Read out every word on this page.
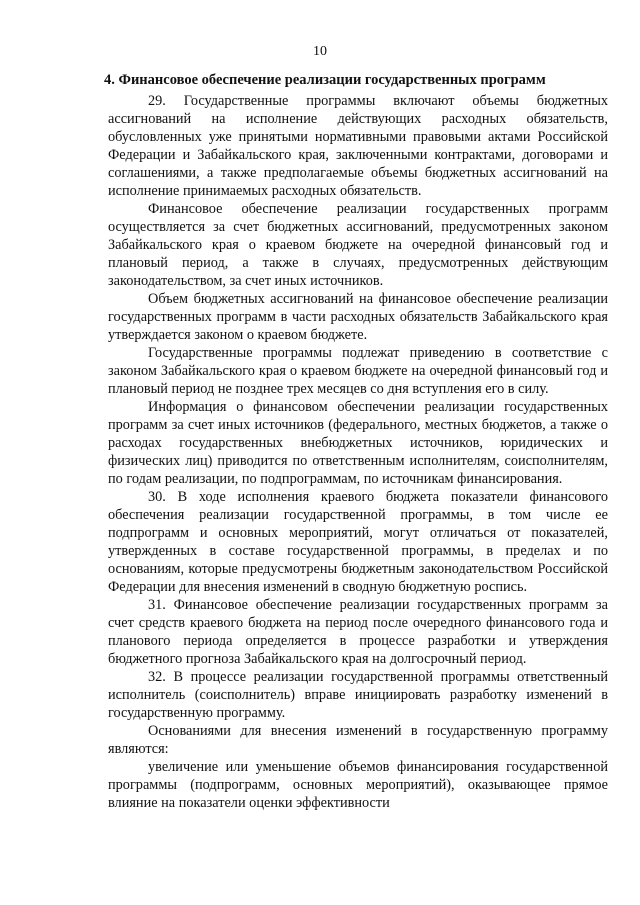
10
4. Финансовое обеспечение реализации государственных программ

29. Государственные программы включают объемы бюджетных ассигнований на исполнение действующих расходных обязательств, обусловленных уже принятыми нормативными правовыми актами Российской Федерации и Забайкальского края, заключенными контрактами, договорами и соглашениями, а также предполагаемые объемы бюджетных ассигнований на исполнение принимаемых расходных обязательств.

Финансовое обеспечение реализации государственных программ осуществляется за счет бюджетных ассигнований, предусмотренных законом Забайкальского края о краевом бюджете на очередной финансовый год и плановый период, а также в случаях, предусмотренных действующим законодательством, за счет иных источников.

Объем бюджетных ассигнований на финансовое обеспечение реализации государственных программ в части расходных обязательств Забайкальского края утверждается законом о краевом бюджете.

Государственные программы подлежат приведению в соответствие с законом Забайкальского края о краевом бюджете на очередной финансовый год и плановый период не позднее трех месяцев со дня вступления его в силу.

Информация о финансовом обеспечении реализации государственных программ за счет иных источников (федерального, местных бюджетов, а также о расходах государственных внебюджетных источников, юридических и физических лиц) приводится по ответственным исполнителям, соисполнителям, по годам реализации, по подпрограммам, по источникам финансирования.

30. В ходе исполнения краевого бюджета показатели финансового обеспечения реализации государственной программы, в том числе ее подпрограмм и основных мероприятий, могут отличаться от показателей, утвержденных в составе государственной программы, в пределах и по основаниям, которые предусмотрены бюджетным законодательством Российской Федерации для внесения изменений в сводную бюджетную роспись.

31. Финансовое обеспечение реализации государственных программ за счет средств краевого бюджета на период после очередного финансового года и планового периода определяется в процессе разработки и утверждения бюджетного прогноза Забайкальского края на долгосрочный период.

32. В процессе реализации государственной программы ответственный исполнитель (соисполнитель) вправе инициировать разработку изменений в государственную программу.

Основаниями для внесения изменений в государственную программу являются:

увеличение или уменьшение объемов финансирования государственной программы (подпрограмм, основных мероприятий), оказывающее прямое влияние на показатели оценки эффективности
